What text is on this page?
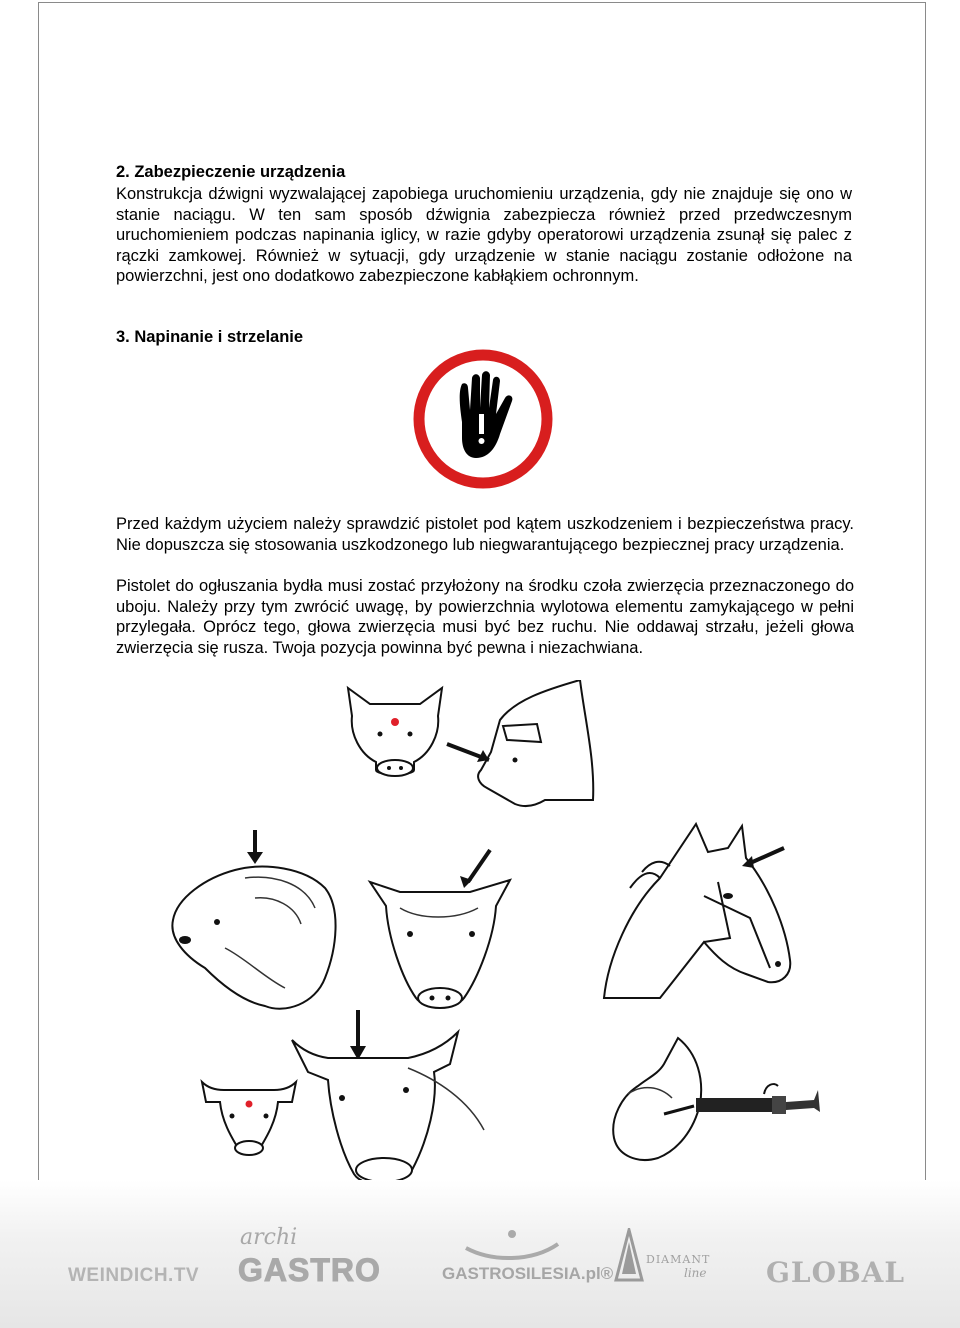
2. Zabezpieczenie urządzenia

Konstrukcja dźwigni wyzwalającej zapobiega uruchomieniu urządzenia, gdy nie znajduje się ono w stanie naciągu. W ten sam sposób dźwignia zabezpiecza również przed przedwczesnym uruchomieniem podczas napinania iglicy, w razie gdyby operatorowi urządzenia zsunął się palec z rączki zamkowej. Również w sytuacji, gdy urządzenie w stanie naciągu zostanie odłożone na powierzchni, jest ono dodatkowo zabezpieczone kabłąkiem ochronnym.

3. Napinanie i strzelanie

Przed każdym użyciem należy sprawdzić pistolet pod kątem uszkodzeniem i bezpieczeństwa pracy. Nie dopuszcza się stosowania uszkodzonego lub niegwarantującego bezpiecznej pracy urządzenia.

Pistolet do ogłuszania bydła musi zostać przyłożony na środku czoła zwierzęcia przeznaczonego do uboju. Należy przy tym zwrócić uwagę, by powierzchnia wylotowa elementu zamykającego w pełni przylegała. Oprócz tego, głowa zwierzęcia musi być bez ruchu. Nie oddawaj strzału, jeżeli głowa zwierzęcia się rusza. Twoja pozycja powinna być pewna i niezachwiana.

WEINDICH.TV
archi
GASTRO	GASTROSILESIA.pl®
DIAMANT
line GLOBAL
